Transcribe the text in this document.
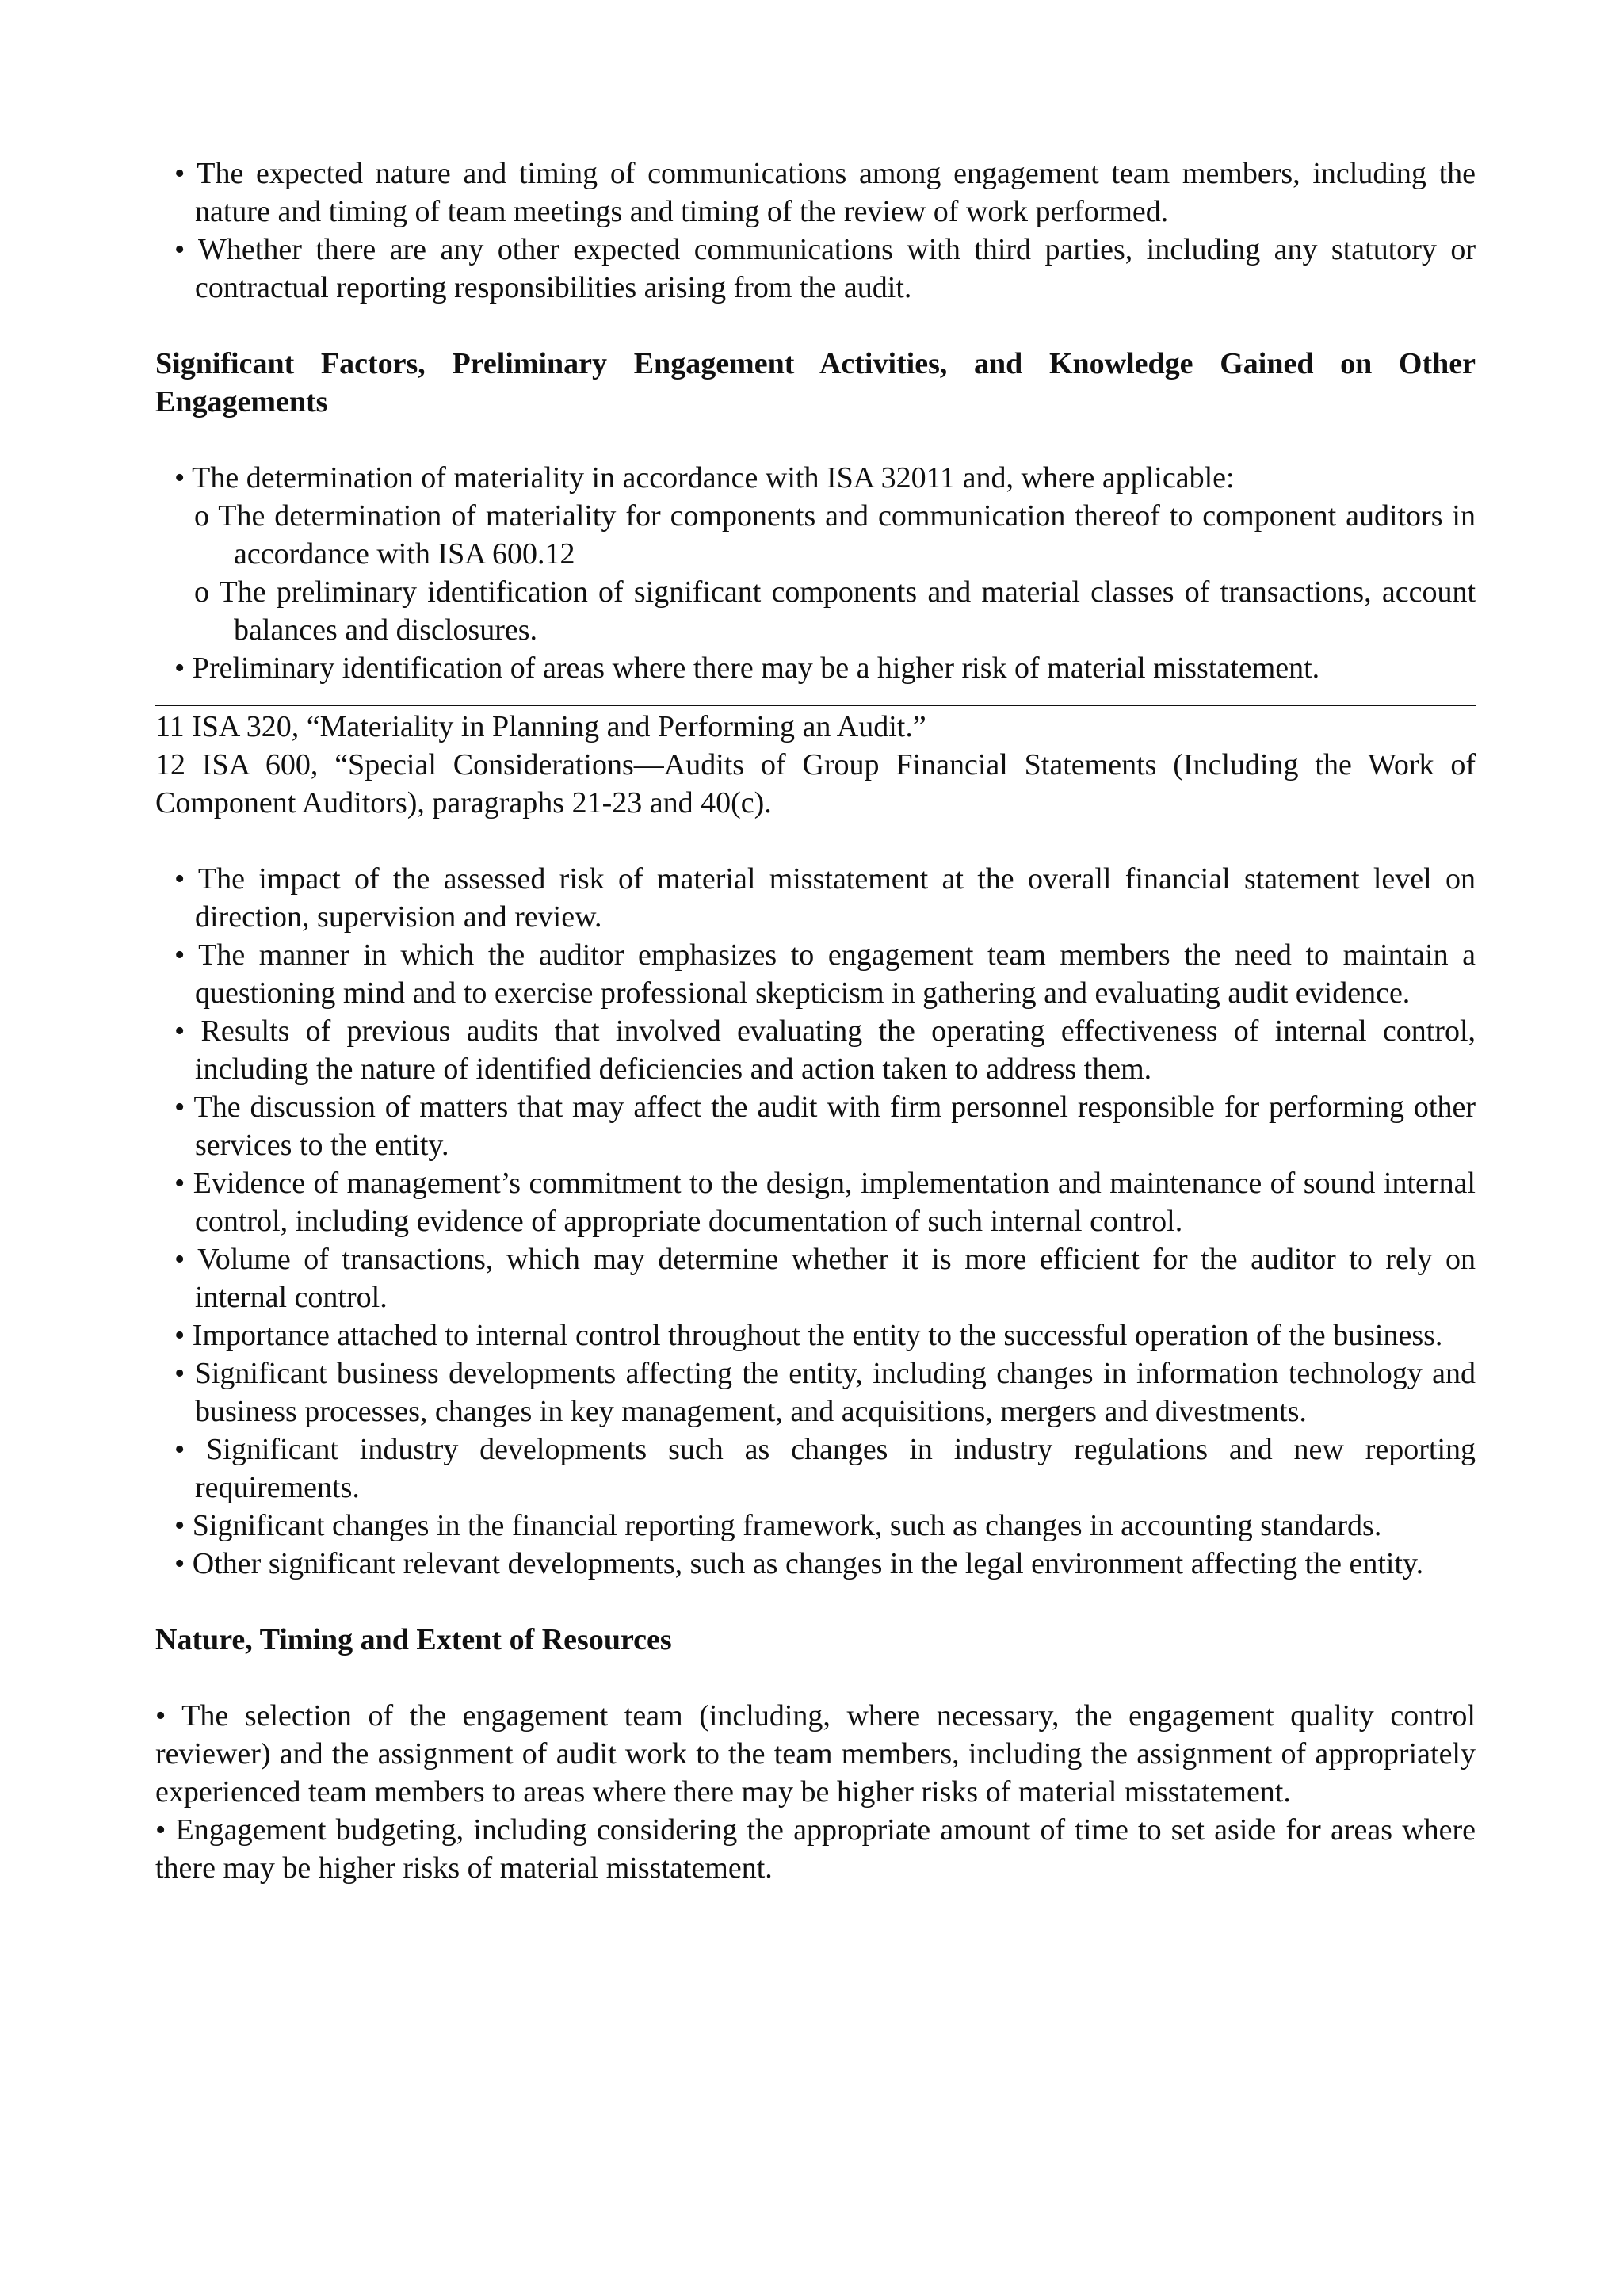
• The expected nature and timing of communications among engagement team members, including the nature and timing of team meetings and timing of the review of work performed.
• Whether there are any other expected communications with third parties, including any statutory or contractual reporting responsibilities arising from the audit.
Significant Factors, Preliminary Engagement Activities, and Knowledge Gained on Other Engagements
• The determination of materiality in accordance with ISA 32011 and, where applicable:
o The determination of materiality for components and communication thereof to component auditors in accordance with ISA 600.12
o The preliminary identification of significant components and material classes of transactions, account balances and disclosures.
• Preliminary identification of areas where there may be a higher risk of material misstatement.
11 ISA 320, “Materiality in Planning and Performing an Audit.”
12 ISA 600, “Special Considerations—Audits of Group Financial Statements (Including the Work of Component Auditors), paragraphs 21-23 and 40(c).
• The impact of the assessed risk of material misstatement at the overall financial statement level on direction, supervision and review.
• The manner in which the auditor emphasizes to engagement team members the need to maintain a questioning mind and to exercise professional skepticism in gathering and evaluating audit evidence.
• Results of previous audits that involved evaluating the operating effectiveness of internal control, including the nature of identified deficiencies and action taken to address them.
• The discussion of matters that may affect the audit with firm personnel responsible for performing other services to the entity.
• Evidence of management’s commitment to the design, implementation and maintenance of sound internal control, including evidence of appropriate documentation of such internal control.
• Volume of transactions, which may determine whether it is more efficient for the auditor to rely on internal control.
• Importance attached to internal control throughout the entity to the successful operation of the business.
• Significant business developments affecting the entity, including changes in information technology and business processes, changes in key management, and acquisitions, mergers and divestments.
• Significant industry developments such as changes in industry regulations and new reporting requirements.
• Significant changes in the financial reporting framework, such as changes in accounting standards.
• Other significant relevant developments, such as changes in the legal environment affecting the entity.
Nature, Timing and Extent of Resources
• The selection of the engagement team (including, where necessary, the engagement quality control reviewer) and the assignment of audit work to the team members, including the assignment of appropriately experienced team members to areas where there may be higher risks of material misstatement.
• Engagement budgeting, including considering the appropriate amount of time to set aside for areas where there may be higher risks of material misstatement.
